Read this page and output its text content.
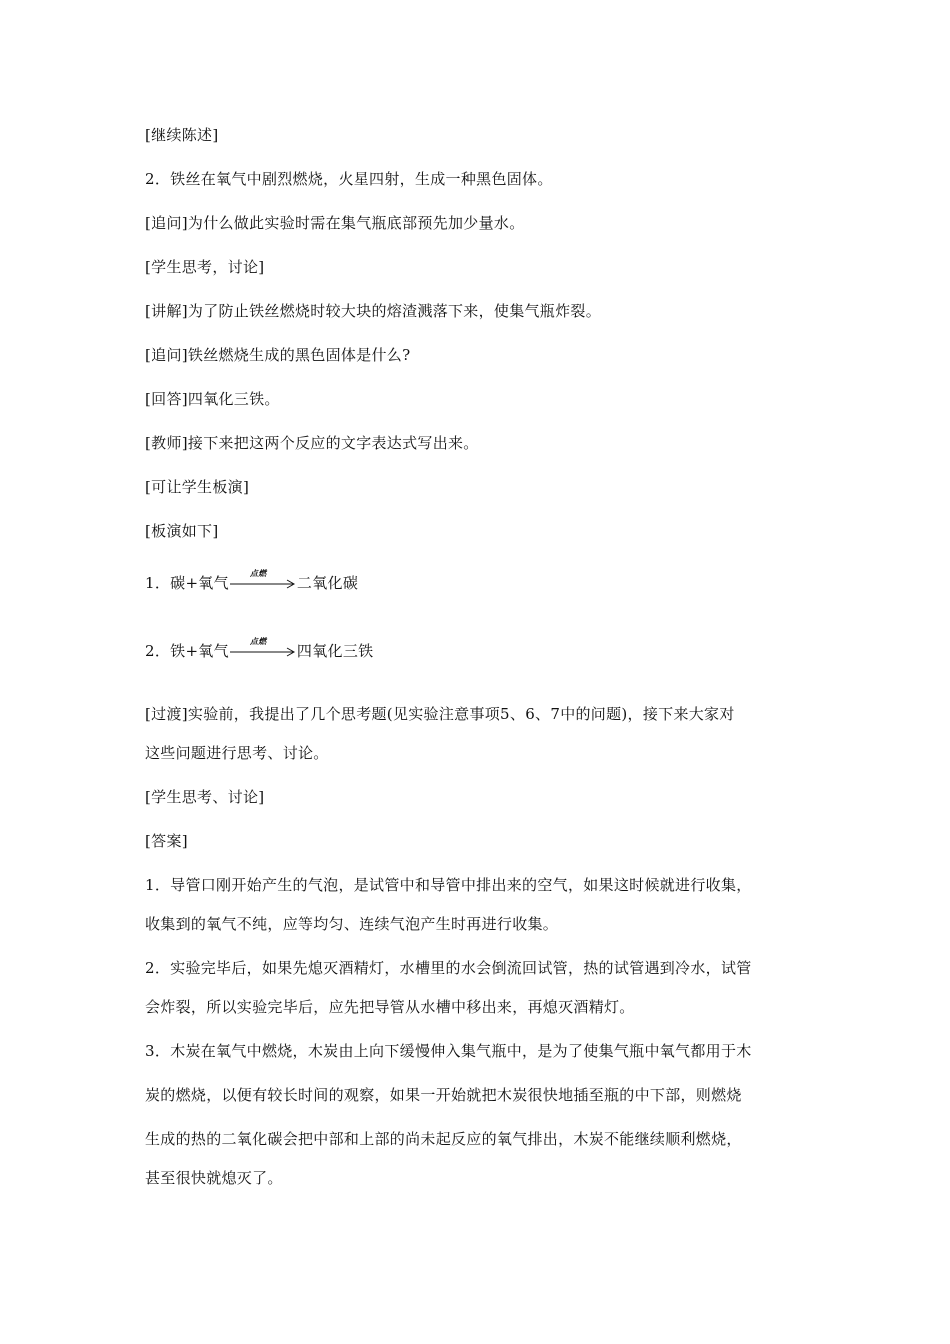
[继续陈述]
2．铁丝在氧气中剧烈燃烧，火星四射，生成一种黑色固体。
[追问]为什么做此实验时需在集气瓶底部预先加少量水。
[学生思考，讨论]
[讲解]为了防止铁丝燃烧时较大块的熔渣溅落下来，使集气瓶炸裂。
[追问]铁丝燃烧生成的黑色固体是什么?
[回答]四氧化三铁。
[教师]接下来把这两个反应的文字表达式写出来。
[可让学生板演]
[板演如下]
1．碳+氧气
点燃
二氧化碳
2．铁+氧气
点燃
四氧化三铁
[过渡]实验前，我提出了几个思考题(见实验注意事项5、6、7中的问题)，接下来大家对
这些问题进行思考、讨论。
[学生思考、讨论]
[答案]
1．导管口刚开始产生的气泡，是试管中和导管中排出来的空气，如果这时候就进行收集，
收集到的氧气不纯，应等均匀、连续气泡产生时再进行收集。
2．实验完毕后，如果先熄灭酒精灯，水槽里的水会倒流回试管，热的试管遇到冷水，试管
会炸裂，所以实验完毕后，应先把导管从水槽中移出来，再熄灭酒精灯。
3．木炭在氧气中燃烧，木炭由上向下缓慢伸入集气瓶中，是为了使集气瓶中氧气都用于木
炭的燃烧，以便有较长时间的观察，如果一开始就把木炭很快地插至瓶的中下部，则燃烧
生成的热的二氧化碳会把中部和上部的尚未起反应的氧气排出，木炭不能继续顺利燃烧，
甚至很快就熄灭了。
